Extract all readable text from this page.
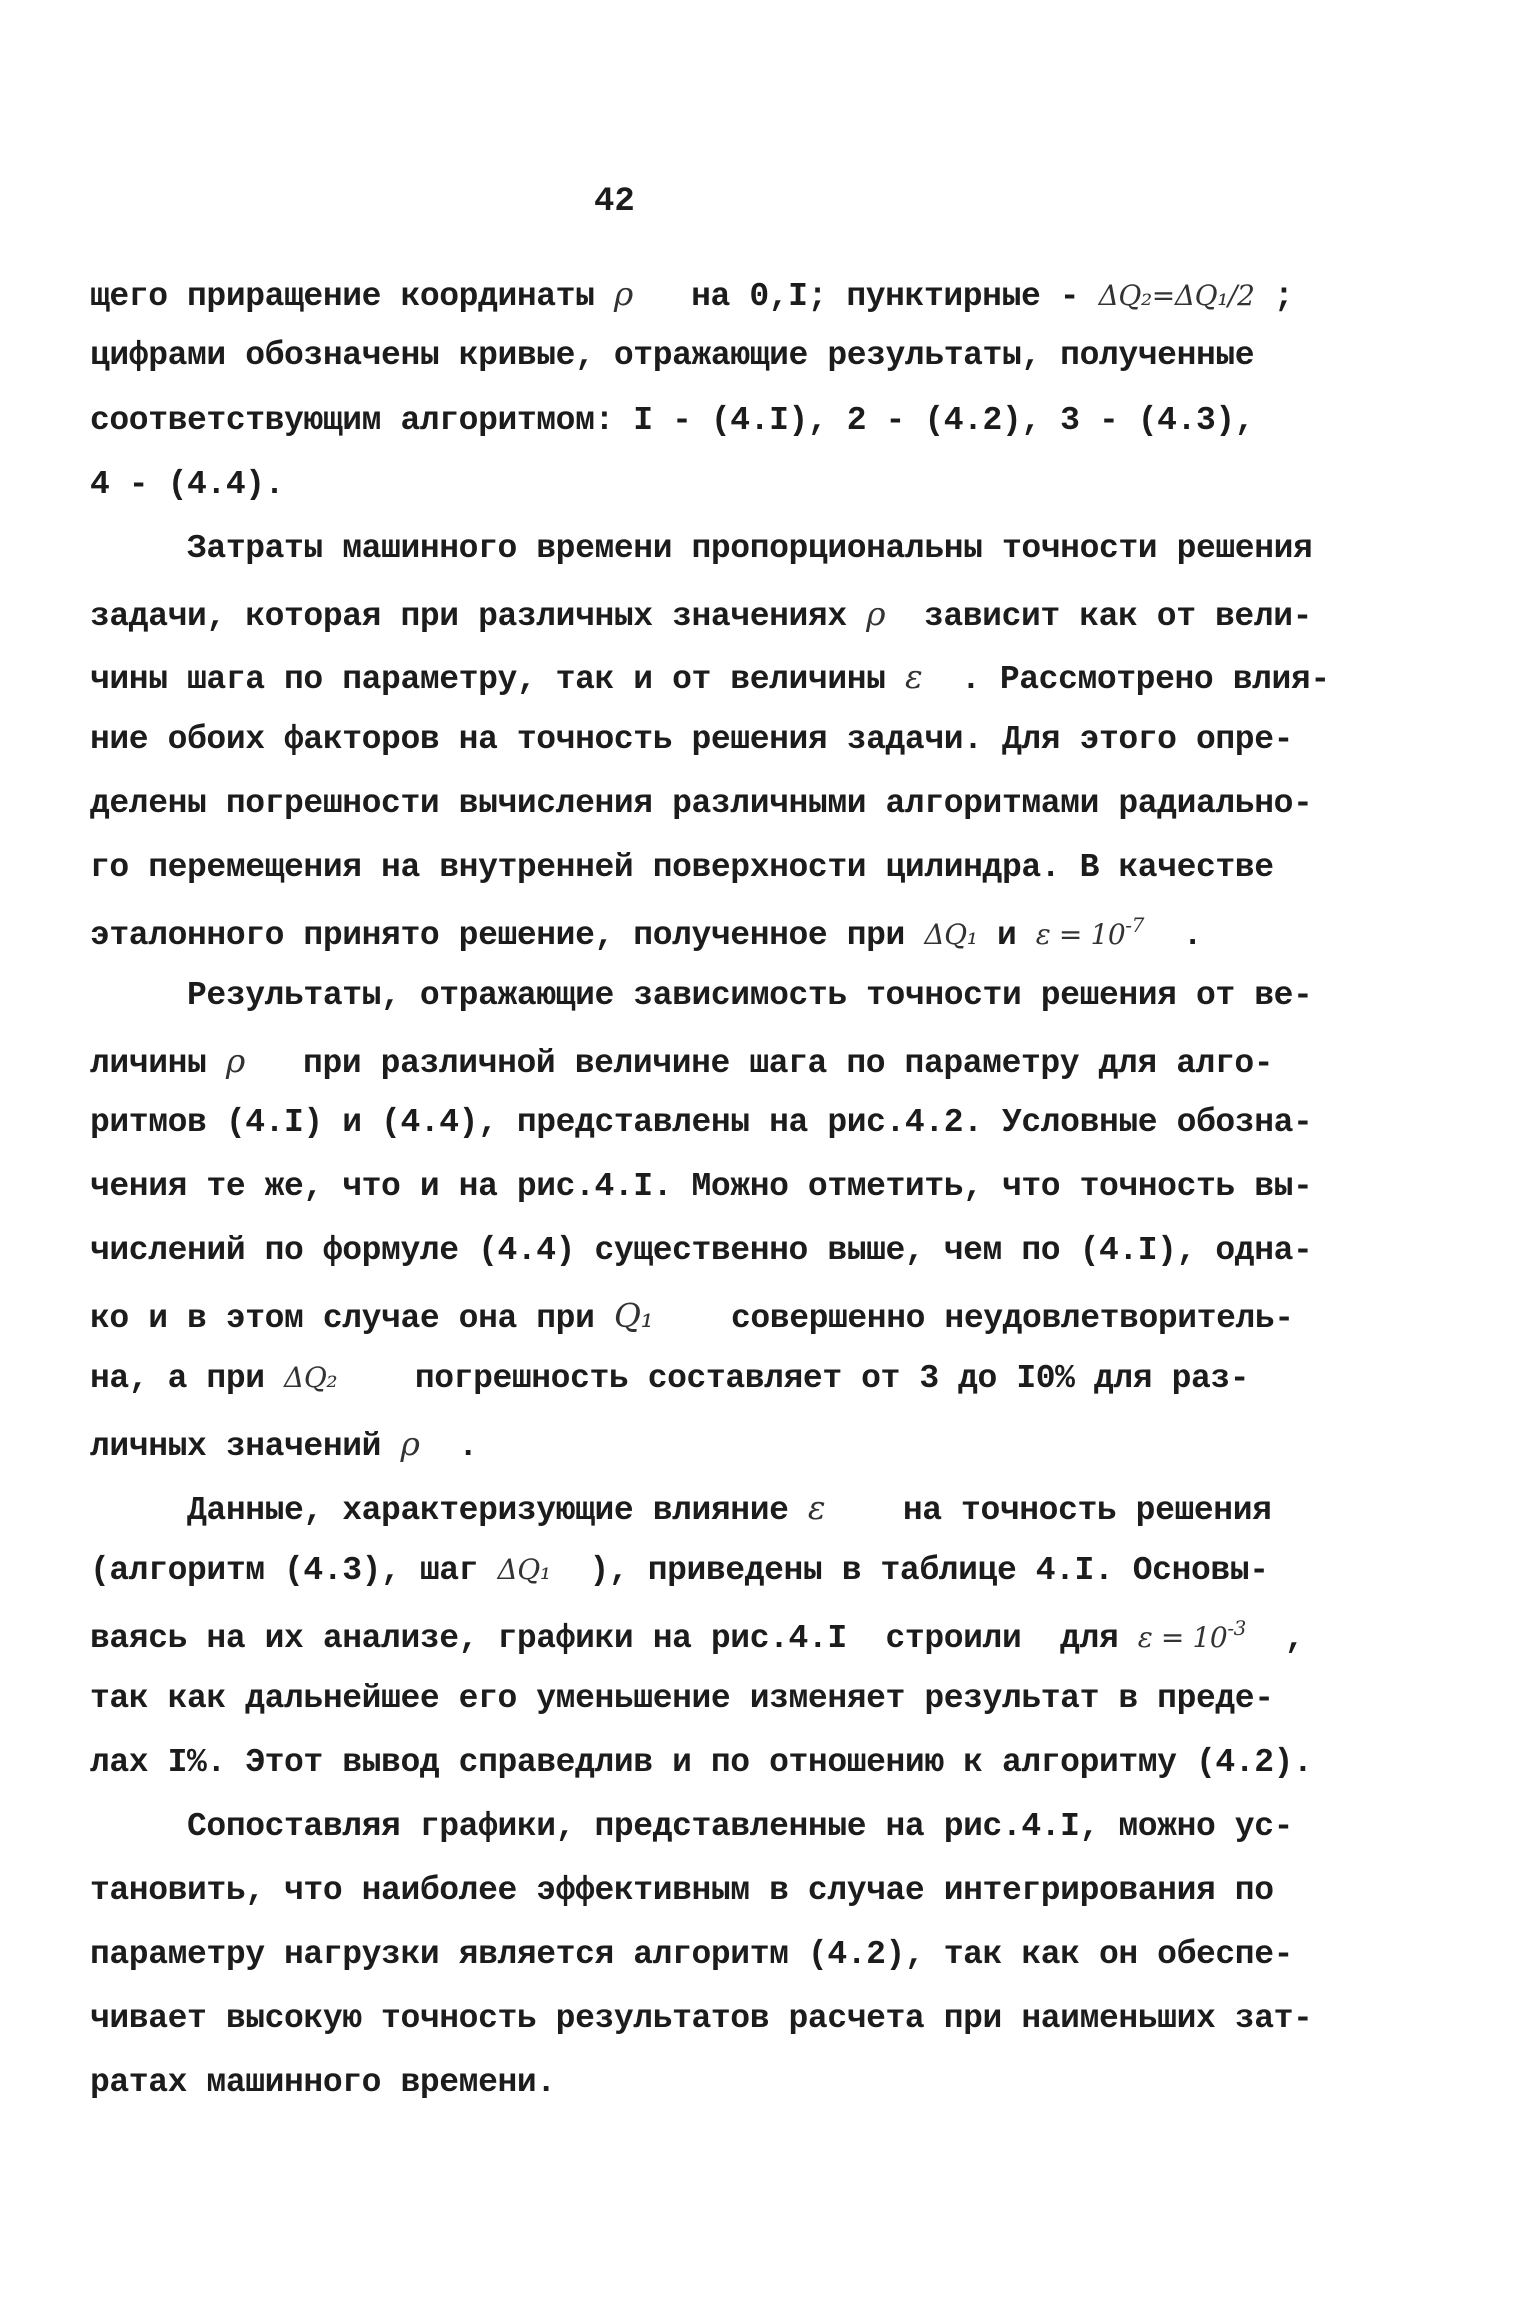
42
щего приращение координаты ρ   на 0,I; пунктирные - ΔQ₂=ΔQ₁/2 ;
цифрами обозначены кривые, отражающие результаты, полученные
соответствующим алгоритмом: I - (4.I), 2 - (4.2), 3 - (4.3),
4 - (4.4).
Затраты машинного времени пропорциональны точности решения
задачи, которая при различных значениях ρ  зависит как от вели-
чины шага по параметру, так и от величины ε  . Рассмотрено влия-
ние обоих факторов на точность решения задачи. Для этого опре-
делены погрешности вычисления различными алгоритмами радиально-
го перемещения на внутренней поверхности цилиндра. В качестве
эталонного принято решение, полученное при ΔQ₁ и $\varepsilon = 10^{-7}$  .
Результаты, отражающие зависимость точности решения от ве-
личины ρ   при различной величине шага по параметру для алго-
ритмов (4.I) и (4.4), представлены на рис.4.2. Условные обозна-
чения те же, что и на рис.4.I. Можно отметить, что точность вы-
числений по формуле (4.4) существенно выше, чем по (4.I), одна-
ко и в этом случае она при Q₁    совершенно неудовлетворитель-
на, а при ΔQ₂    погрешность составляет от 3 до I0% для раз-
личных значений ρ  .
Данные, характеризующие влияние ε    на точность решения
(алгоритм (4.3), шаг ΔQ₁  ), приведены в таблице 4.I. Основы-
ваясь на их анализе, графики на рис.4.I  строили  для $\varepsilon = 10^{-3}$  ,
так как дальнейшее его уменьшение изменяет результат в преде-
лах I%. Этот вывод справедлив и по отношению к алгоритму (4.2).
Сопоставляя графики, представленные на рис.4.I, можно ус-
тановить, что наиболее эффективным в случае интегрирования по
параметру нагрузки является алгоритм (4.2), так как он обеспе-
чивает высокую точность результатов расчета при наименьших зат-
ратах машинного времени.
